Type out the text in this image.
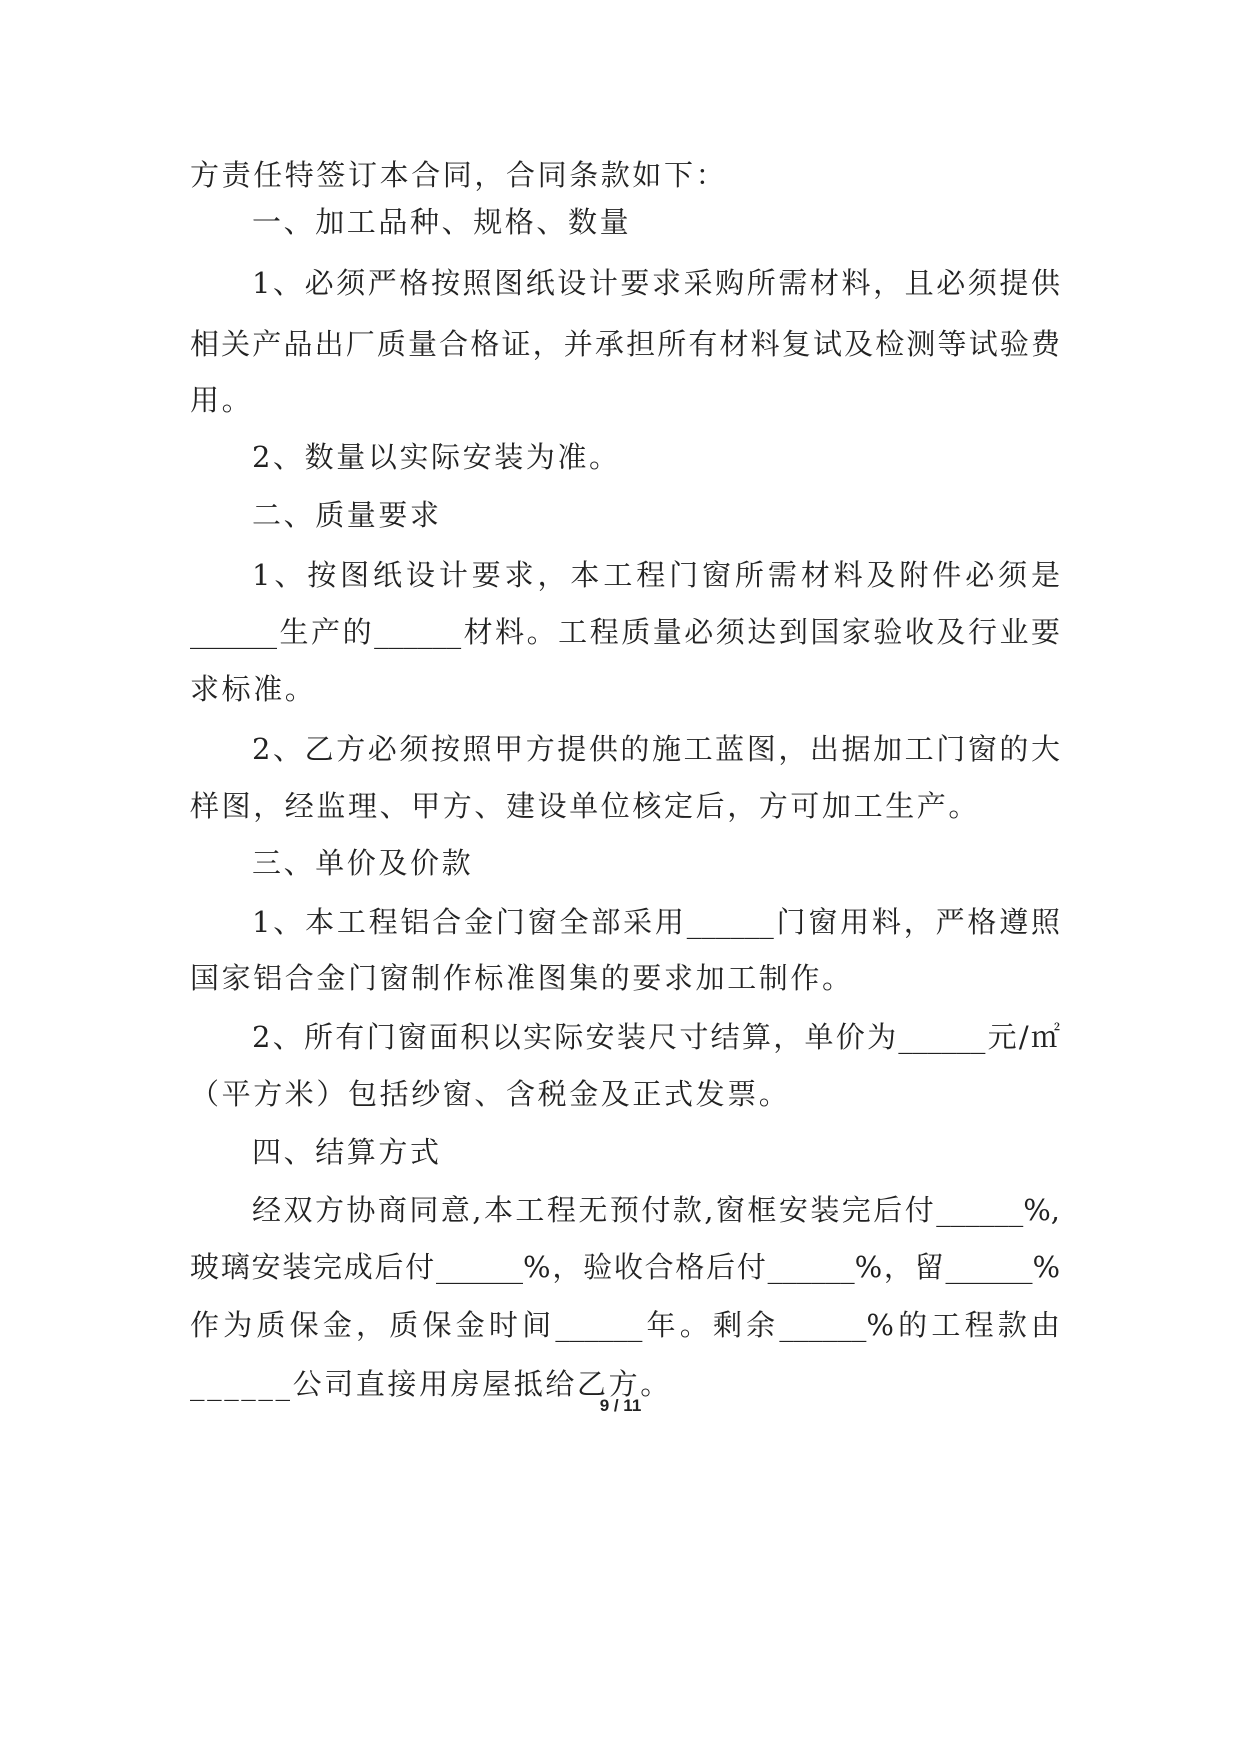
方责任特签订本合同，合同条款如下：

一、加工品种、规格、数量

1、必须严格按照图纸设计要求采购所需材料，且必须提供

相关产品出厂质量合格证，并承担所有材料复试及检测等试验费

用。

2、数量以实际安装为准。

二、质量要求

1、按图纸设计要求，本工程门窗所需材料及附件必须是

______生产的______材料。工程质量必须达到国家验收及行业要

求标准。

2、乙方必须按照甲方提供的施工蓝图，出据加工门窗的大

样图，经监理、甲方、建设单位核定后，方可加工生产。

三、单价及价款

1、本工程铝合金门窗全部采用______门窗用料，严格遵照

国家铝合金门窗制作标准图集的要求加工制作。

2、所有门窗面积以实际安装尺寸结算，单价为______元/㎡

（平方米）包括纱窗、含税金及正式发票。

四、结算方式

经双方协商同意,本工程无预付款,窗框安装完后付______%,

玻璃安装完成后付______%，验收合格后付______%，留______%

作为质保金，质保金时间______年。剩余______%的工程款由

______公司直接用房屋抵给乙方。

9 / 11
